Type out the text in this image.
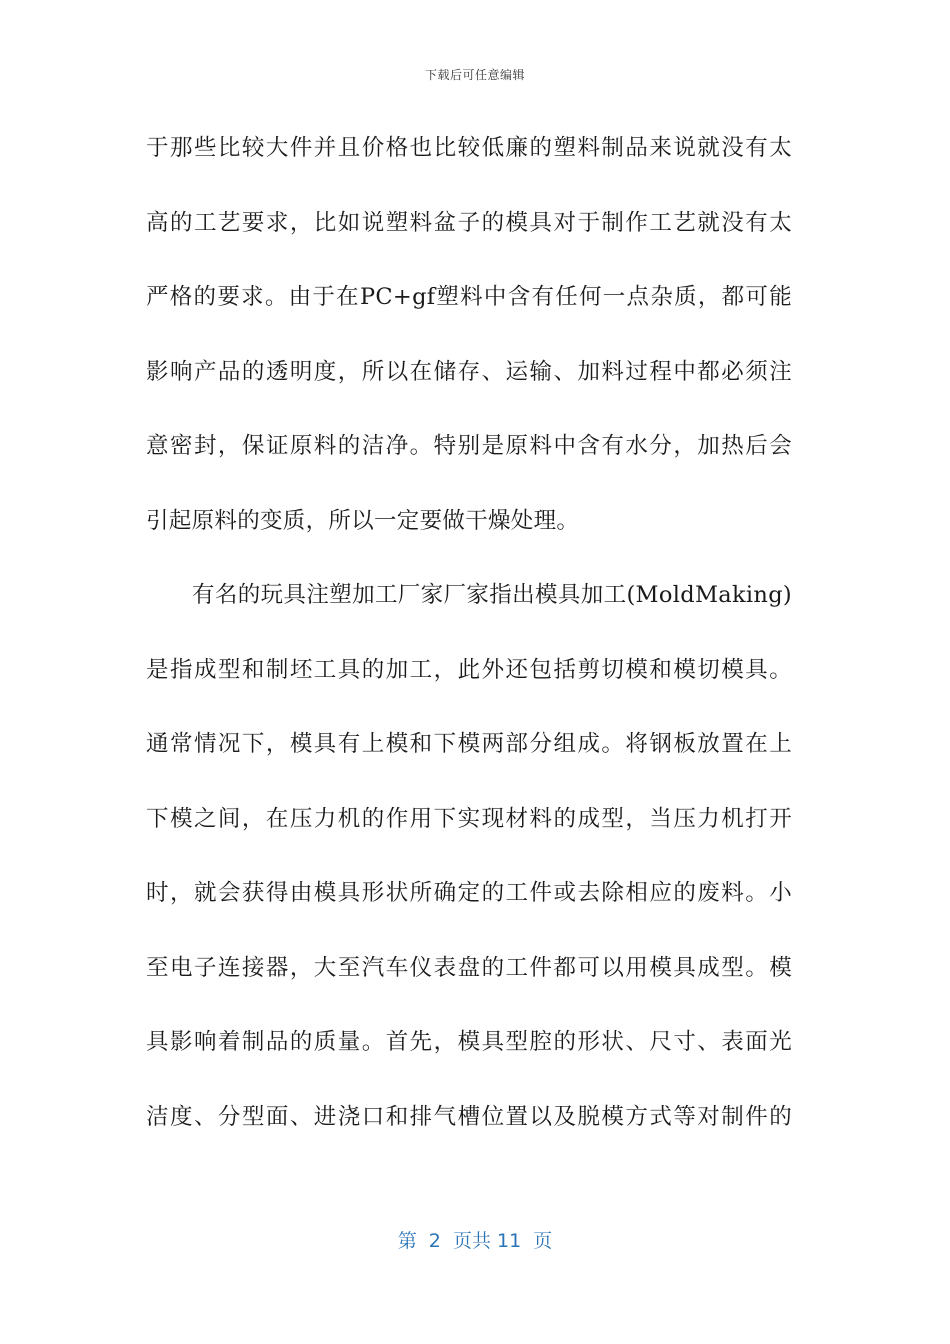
下载后可任意编辑
于那些比较大件并且价格也比较低廉的塑料制品来说就没有太
高的工艺要求，比如说塑料盆子的模具对于制作工艺就没有太
严格的要求。由于在PC+gf塑料中含有任何一点杂质，都可能
影响产品的透明度，所以在储存、运输、加料过程中都必须注
意密封，保证原料的洁净。特别是原料中含有水分，加热后会
引起原料的变质，所以一定要做干燥处理。
有名的玩具注塑加工厂家厂家指出模具加工(MoldMaking)
是指成型和制坯工具的加工，此外还包括剪切模和模切模具。
通常情况下，模具有上模和下模两部分组成。将钢板放置在上
下模之间，在压力机的作用下实现材料的成型，当压力机打开
时，就会获得由模具形状所确定的工件或去除相应的废料。小
至电子连接器，大至汽车仪表盘的工件都可以用模具成型。模
具影响着制品的质量。首先，模具型腔的形状、尺寸、表面光
洁度、分型面、进浇口和排气槽位置以及脱模方式等对制件的
第  2  页共 11  页
